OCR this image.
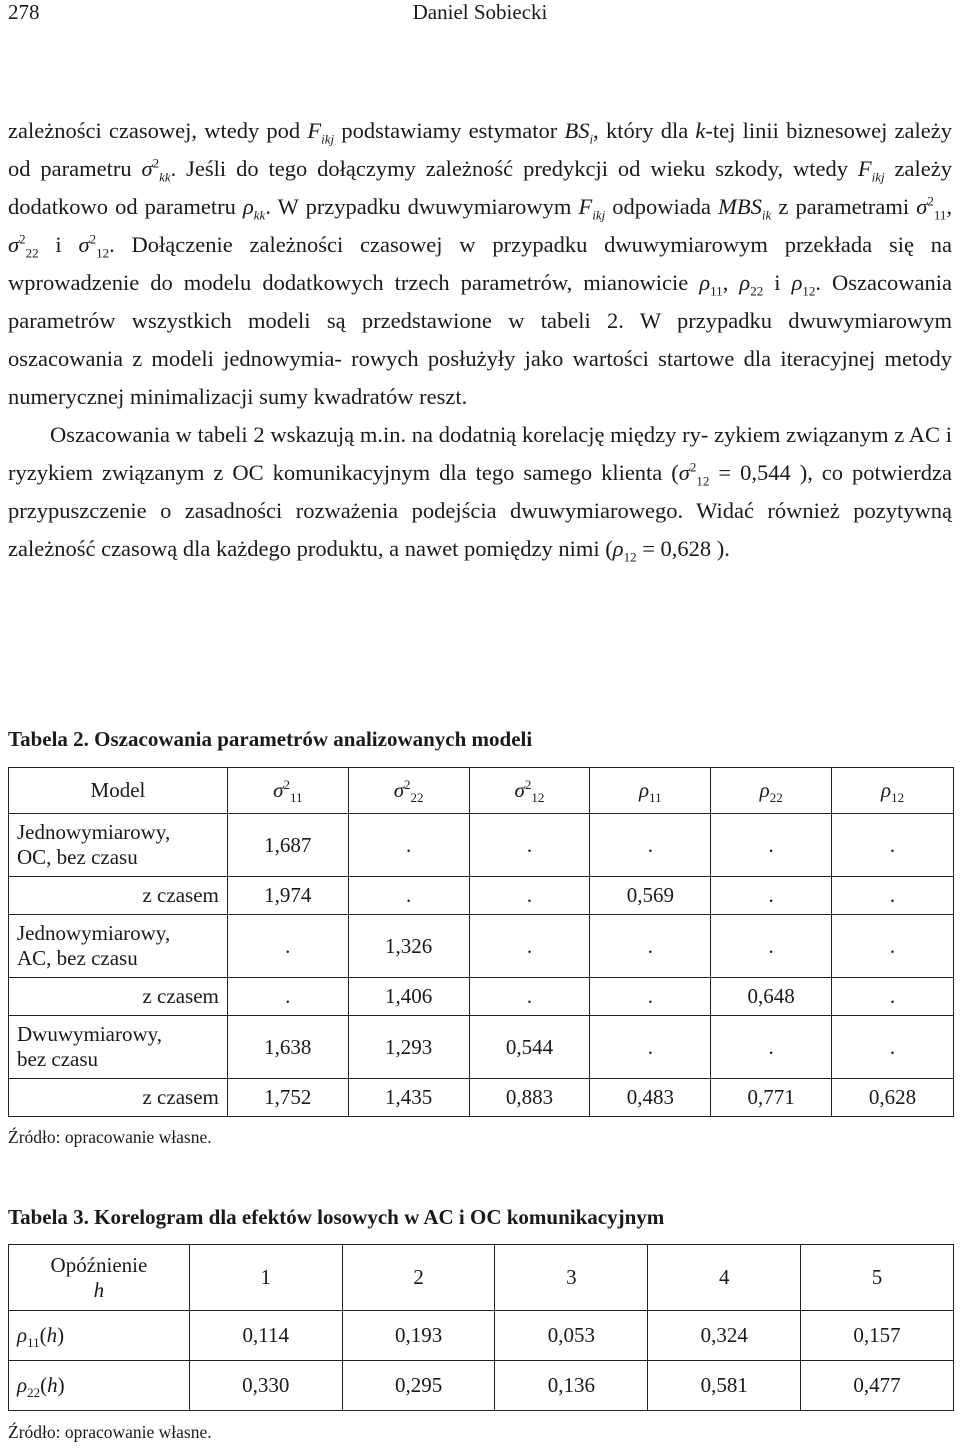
278	Daniel Sobiecki

zależności czasowej, wtedy pod $F_{ikj}$ podstawiamy estymator $BS_i$, który dla k-tej linii biznesowej zależy od parametru $\sigma^2_{kk}$. Jeśli do tego dołączymy zależność predykcji od wieku szkody, wtedy $F_{ikj}$ zależy dodatkowo od parametru $\rho_{kk}$. W przypadku dwuwymiarowym $F_{ikj}$ odpowiada $MBS_{ik}$ z parametrami $\sigma^2_{11}$, $\sigma^2_{22}$ i $\sigma^2_{12}$. Dołączenie zależności czasowej w przypadku dwuwymiarowym przekłada się na wprowadzenie do modelu dodatkowych trzech parametrów, mianowicie $\rho_{11}$, $\rho_{22}$ i $\rho_{12}$. Oszacowania parametrów wszystkich modeli są przedstawione w tabeli 2. W przypadku dwuwymiarowym oszacowania z modeli jednowymia- rowych posłużyły jako wartości startowe dla iteracyjnej metody numerycznej minimalizacji sumy kwadratów reszt.

Oszacowania w tabeli 2 wskazują m.in. na dodatnią korelację między ry- zykiem związanym z AC i ryzykiem związanym z OC komunikacyjnym dla tego samego klienta ($\sigma^2_{12} = 0,544$ ), co potwierdza przypuszczenie o zasadności rozważenia podejścia dwuwymiarowego. Widać również pozytywną zależność czasową dla każdego produktu, a nawet pomiędzy nimi ($\rho_{12} = 0,628$ ).

Tabela 2. Oszacowania parametrów analizowanych modeli
Model	$\sigma^2_{11}$	$\sigma^2_{22}$	$\sigma^2_{12}$	$\rho_{11}$	$\rho_{22}$	$\rho_{12}$
Jednowymiarowy,
OC, bez czasu	1,687	.	.	.	.	.
z czasem	1,974	.	.	0,569	.	.
Jednowymiarowy,
AC, bez czasu	.	1,326	.	.	.	.
z czasem	.	1,406	.	.	0,648	.
Dwuwymiarowy,
bez czasu	1,638	1,293	0,544	.	.	.
z czasem	1,752	1,435	0,883	0,483	0,771	0,628
Źródło: opracowanie własne.
Tabela 3. Korelogram dla efektów losowych w AC i OC komunikacyjnym
Opóźnienie
h	1	2	3	4	5
$\rho_{11}(h)$	0,114	0,193	0,053	0,324	0,157
$\rho_{22}(h)$	0,330	0,295	0,136	0,581	0,477
Źródło: opracowanie własne.
